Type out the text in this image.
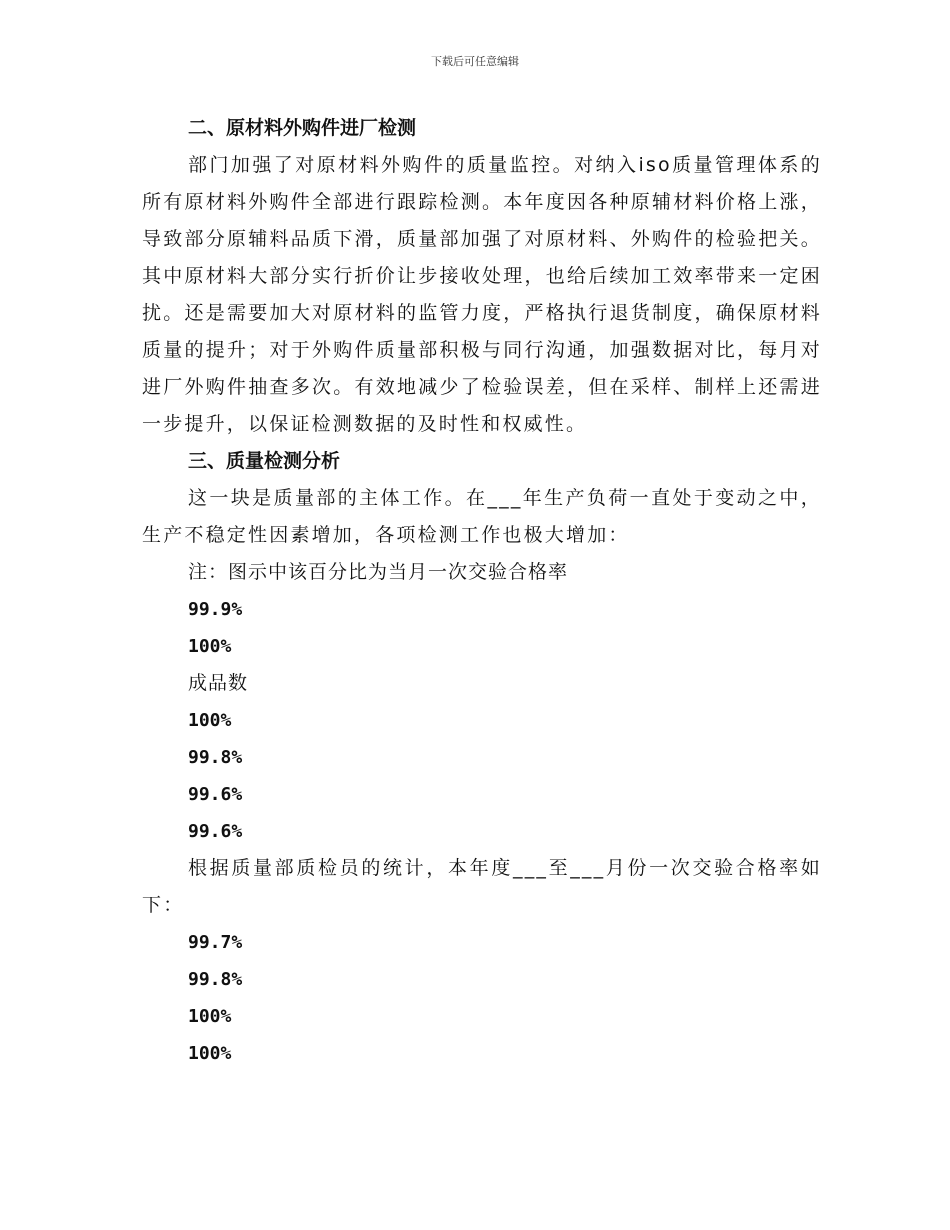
下载后可任意编辑
二、原材料外购件进厂检测

部门加强了对原材料外购件的质量监控。对纳入iso质量管理体系的所有原材料外购件全部进行跟踪检测。本年度因各种原辅材料价格上涨，导致部分原辅料品质下滑，质量部加强了对原材料、外购件的检验把关。其中原材料大部分实行折价让步接收处理，也给后续加工效率带来一定困扰。还是需要加大对原材料的监管力度，严格执行退货制度，确保原材料质量的提升；对于外购件质量部积极与同行沟通，加强数据对比，每月对进厂外购件抽查多次。有效地减少了检验误差，但在采样、制样上还需进一步提升，以保证检测数据的及时性和权威性。

三、质量检测分析

这一块是质量部的主体工作。在___年生产负荷一直处于变动之中，生产不稳定性因素增加，各项检测工作也极大增加：

注：图示中该百分比为当月一次交验合格率
99.9%
100%
成品数
100%
99.8%
99.6%
99.6%

根据质量部质检员的统计，本年度___至___月份一次交验合格率如下：

99.7%
99.8%
100%
100%
